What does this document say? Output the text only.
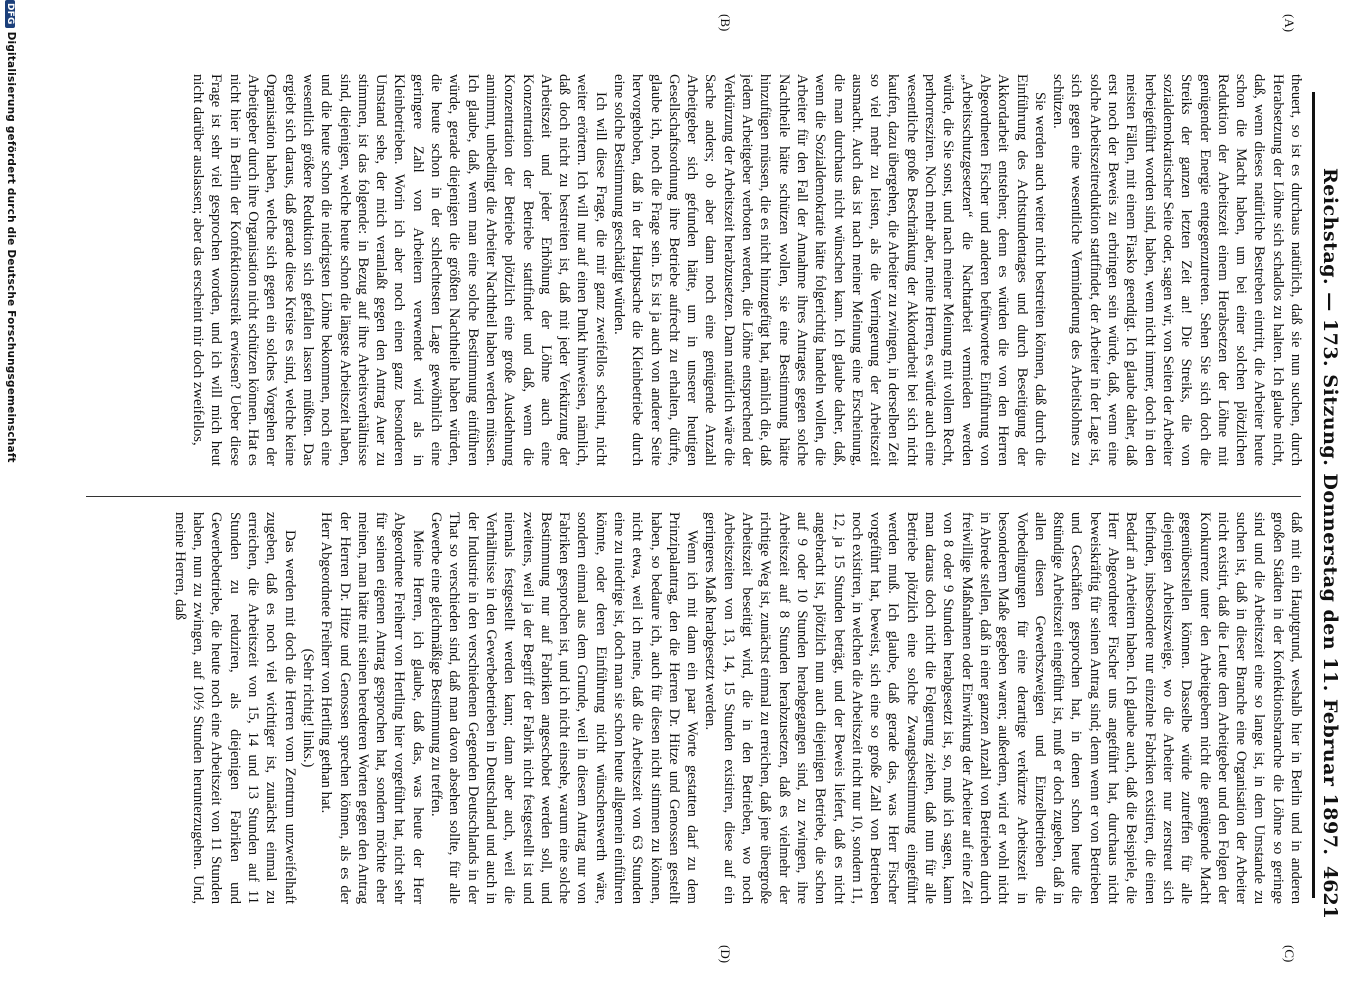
Reichstag. — 173. Sitzung. Donnerstag den 11. Februar 1897.
4621
(A)
(B)
(C)
(D)

theuert, so ist es durchaus natürlich, daß sie nun suchen, durch Herabsetzung der Löhne sich schadlos zu halten. Ich glaube nicht, daß, wenn dieses natürliche Bestreben eintritt, die Arbeiter heute schon die Macht haben, um bei einer solchen plötzlichen Reduktion der Arbeitszeit einem Herabsetzen der Löhne mit genügender Energie entgegenzutreten. Sehen Sie sich doch die Streiks der ganzen letzten Zeit an! Die Streiks, die von sozialdemokratischer Seite oder, sagen wir, von Seiten der Arbeiter herbeigeführt worden sind, haben, wenn nicht immer, doch in den meisten Fällen, mit einem Fiasko geendigt. Ich glaube daher, daß erst noch der Beweis zu erbringen sein würde, daß, wenn eine solche Arbeitszeitreduktion stattfindet, der Arbeiter in der Lage ist, sich gegen eine wesentliche Verminderung des Arbeitslohnes zu schützen.

Sie werden auch weiter nicht bestreiten können, daß durch die Einführung des Achtstundentages und durch Beseitigung der Akkordarbeit entstehen; denn es würden die von den Herren Abgeordneten Fischer und anderen befürwortete Einführung von „Arbeitsschutzgesetzen“ die Nachtarbeit vermieden werden würde, die Sie sonst, und nach meiner Meinung mit vollem Recht, perhorresziren. Noch mehr aber, meine Herren, es würde auch eine wesentliche große Beschränkung der Akkordarbeit bei sich nicht kaufen, dazu übergehen, die Arbeiter zu zwingen, in derselben Zeit so viel mehr zu leisten, als die Verringerung der Arbeitszeit ausmacht. Auch das ist nach meiner Meinung eine Erscheinung, die man durchaus nicht wünschen kann. Ich glaube daher, daß, wenn die Sozialdemokratie hätte folgerichtig handeln wollen, die Arbeiter für den Fall der Annahme ihres Antrages gegen solche Nachtheile hätte schützen wollen, sie eine Bestimmung hätte hinzufügen müssen, die es nicht hinzugefügt hat, nämlich die, daß jedem Arbeitgeber verboten werden, die Löhne entsprechend der Verkürzung der Arbeitszeit herabzusetzen. Dann natürlich wäre die Sache anders; ob aber dann noch eine genügende Anzahl Arbeitgeber sich gefunden hätte, um in unserer heutigen Gesellschaftsordnung ihre Betriebe aufrecht zu erhalten, dürfte, glaube ich, noch die Frage sein. Es ist ja auch von anderer Seite hervorgehoben, daß in der Hauptsache die Kleinbetriebe durch eine solche Bestimmung geschädigt würden.

Ich will diese Frage, die mir ganz zweifellos scheint, nicht weiter erörtern. Ich will nur auf einen Punkt hinweisen, nämlich, daß doch nicht zu bestreiten ist, daß mit jeder Verkürzung der Arbeitszeit und jeder Erhöhung der Löhne auch eine Konzentration der Betriebe stattfindet und daß, wenn die Konzentration der Betriebe plötzlich eine große Ausdehnung annimmt, unbedingt die Arbeiter Nachtheil haben werden müssen. Ich glaube, daß, wenn man eine solche Bestimmung einführen würde, gerade diejenigen die größten Nachtheile haben würden, die heute schon in der schlechtesten Lage gewöhnlich eine geringere Zahl von Arbeitern verwendet wird als in Kleinbetrieben. Worin ich aber noch einen ganz besonderen Umstand sehe, der mich veranlaßt gegen den Antrag Auer zu stimmen, ist das folgende: in Bezug auf ihre Arbeitsverhältnisse sind, diejenigen, welche heute schon die längste Arbeitszeit haben, und die heute schon die niedrigsten Löhne bekommen, noch eine wesentlich größere Reduktion sich gefallen lassen müßten. Das ergiebt sich daraus, daß gerade diese Kreise es sind, welche keine Organisation haben, welche sich gegen ein solches Vorgehen der Arbeitgeber durch ihre Organisation nicht schützen können. Hat es nicht hier in Berlin der Konfektionsstreik erwiesen? Ueber diese Frage ist sehr viel gesprochen worden, und ich will mich heut nicht darüber auslassen; aber das erscheint mir doch zweifellos,

daß mit ein Hauptgrund, weshalb hier in Berlin und in anderen großen Städten in der Konfektionsbranche die Löhne so geringe sind und die Arbeitszeit eine so lange ist, in dem Umstande zu suchen ist, daß in dieser Branche eine Organisation der Arbeiter nicht existirt, daß die Leute dem Arbeitgeber und den Folgen der Konkurrenz unter den Arbeitgebern nicht die genügende Macht gegenüberstellen können. Dasselbe würde zutreffen für alle diejenigen Arbeitszweige, wo die Arbeiter nur zerstreut sich befinden, insbesondere nur einzelne Fabriken existiren, die einen Bedarf an Arbeitern haben. Ich glaube auch, daß die Beispiele, die Herr Abgeordneter Fischer uns angeführt hat, durchaus nicht beweiskräftig für seinen Antrag sind; denn wenn er von Betrieben und Geschäften gesprochen hat, in denen schon heute die 8stündige Arbeitszeit eingeführt ist, muß er doch zugeben, daß in allen diesen Gewerbszweigen und Einzelbetrieben die Vorbedingungen für eine derartige verkürzte Arbeitszeit in besonderem Maße gegeben waren; außerdem, wird er wohl nicht in Abrede stellen, daß in einer ganzen Anzahl von Betrieben durch freiwillige Maßnahmen oder Einwirkung der Arbeiter auf eine Zeit von 8 oder 9 Stunden herabgesetzt ist, so, muß ich sagen, kann man daraus doch nicht die Folgerung ziehen, daß nun für alle Betriebe plötzlich eine solche Zwangsbestimmung eingeführt werden muß. Ich glaube, daß gerade das, was Herr Fischer vorgeführt hat, beweist, sich eine so große Zahl von Betrieben noch existiren, in welchen die Arbeitszeit nicht nur 10, sondern 11, 12, ja 15 Stunden beträgt, und der Beweis liefert, daß es nicht angebracht ist, plötzlich nun auch diejenigen Betriebe, die schon auf 9 oder 10 Stunden herabgegangen sind, zu zwingen, ihre Arbeitszeit auf 8 Stunden herabzusetzen, daß es vielmehr der richtige Weg ist, zunächst einmal zu erreichen, daß jene übergroße Arbeitszeit beseitigt wird, die in den Betrieben, wo noch Arbeitszeiten von 13, 14, 15 Stunden existiren, diese auf ein geringeres Maß herabgesetzt werden.

Wenn ich mit dann ein paar Worte gestatten darf zu dem Prinzipalantrag, den die Herren Dr. Hitze und Genossen gestellt haben, so bedaure ich, auch für diesen nicht stimmen zu können, nicht etwa, weil ich meine, daß die Arbeitszeit von 63 Stunden eine zu niedrige ist, doch man sie schon heute allgemein einführen könnte, oder deren Einführung nicht wünschenswerth wäre, sondern einmal aus dem Grunde, weil in diesem Antrag nur von Fabriken gesprochen ist, und ich nicht einsehe, warum eine solche Bestimmung nur auf Fabriken angeschobet werden soll, und zweitens, weil ja der Begriff der Fabrik nicht festgestellt ist und niemals festgestellt werden kann; dann aber auch, weil die Verhältnisse in den Gewerbebetrieben in Deutschland und auch in der Industrie in den verschiedenen Gegenden Deutschlands in der That so verschieden sind, daß man davon absehen sollte, für alle Gewerbe eine gleichmäßige Bestimmung zu treffen.

Meine Herren, ich glaube, daß das, was heute der Herr Abgeordnete Freiherr von Hertling hier vorgeführt hat, nicht sehr für seinen eigenen Antrag gesprochen hat, sondern möchte eher meinen, man hätte mit seinen beredteren Worten gegen den Antrag der Herren Dr. Hitze und Genossen sprechen können, als es der Herr Abgeordnete Freiherr von Hertling gethan hat.

(Sehr richtig! links.)

Das werden mit doch die Herren vom Zentrum unzweifelhaft zugeben, daß es noch viel wichtiger ist, zunächst einmal zu erreichen, die Arbeitszeit von 15, 14 und 13 Stunden auf 11 Stunden zu reduziren, als diejenigen Fabriken und Gewerbebetriebe, die heute noch eine Arbeitszeit von 11 Stunden haben, nun zu zwingen, auf 10½ Stunden herunterzugehen. Und, meine Herren, daß

DFGDigitalisierung gefördert durch die Deutsche Forschungsgemeinschaft
